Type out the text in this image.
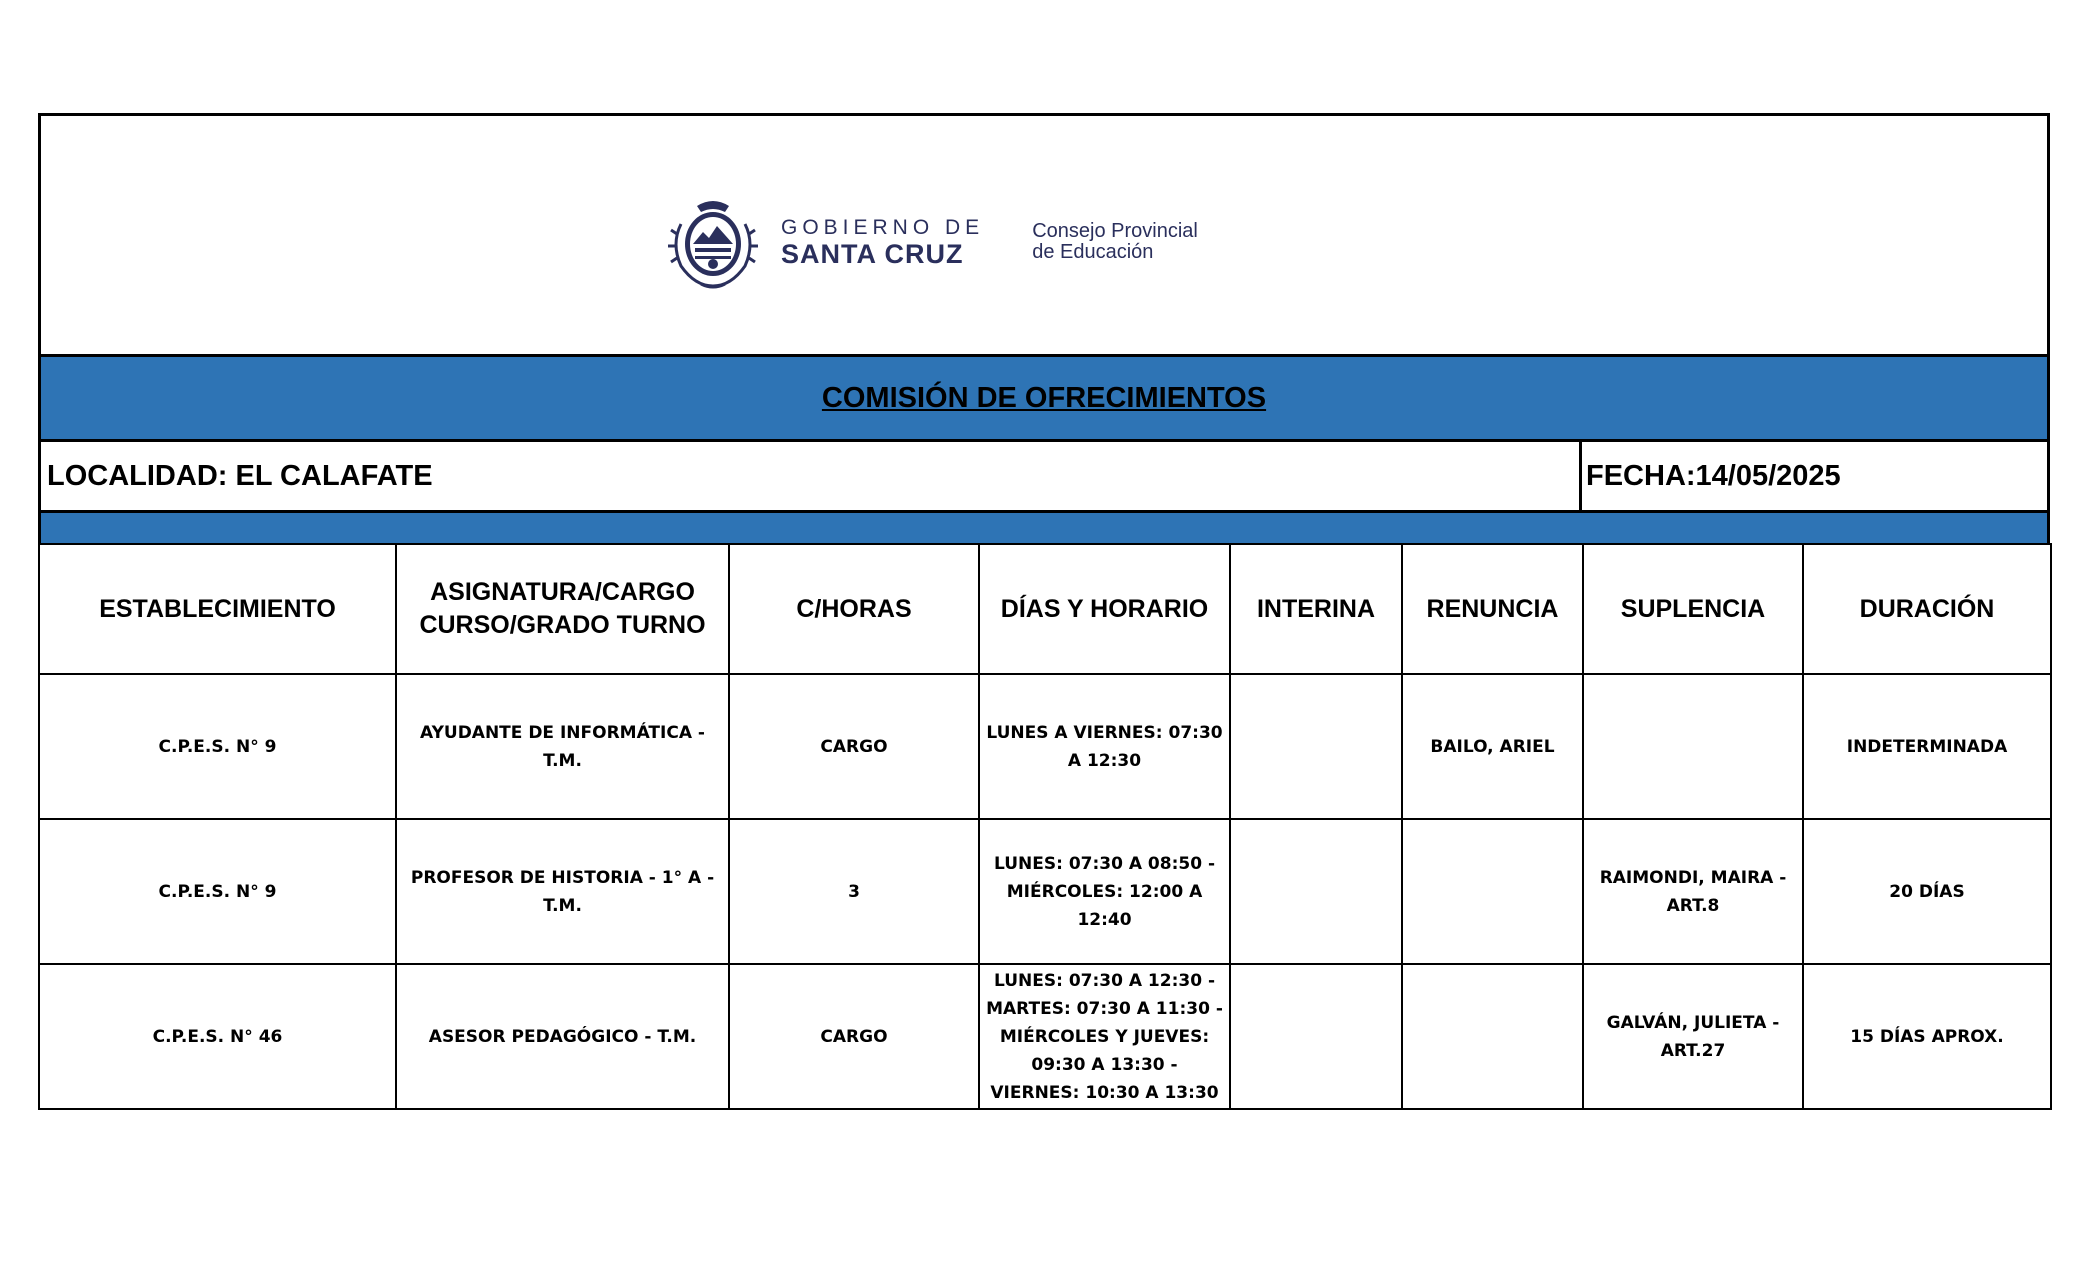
GOBIERNO DE
SANTA CRUZ
Consejo Provincial
de Educación
COMISIÓN DE OFRECIMIENTOS
LOCALIDAD: EL CALAFATE	FECHA:14/05/2025
ESTABLECIMIENTO	ASIGNATURA/CARGO CURSO/GRADO TURNO	C/HORAS	DÍAS Y HORARIO	INTERINA	RENUNCIA	SUPLENCIA	DURACIÓN
C.P.E.S. N° 9	AYUDANTE DE INFORMÁTICA - T.M.	CARGO	LUNES A VIERNES: 07:30 A 12:30		BAILO, ARIEL		INDETERMINADA
C.P.E.S. N° 9	PROFESOR DE HISTORIA - 1° A - T.M.	3	LUNES: 07:30 A 08:50 - MIÉRCOLES: 12:00 A 12:40			RAIMONDI, MAIRA - ART.8	20 DÍAS
C.P.E.S. N° 46	ASESOR PEDAGÓGICO - T.M.	CARGO	LUNES: 07:30 A 12:30 - MARTES: 07:30 A 11:30 - MIÉRCOLES Y JUEVES: 09:30 A 13:30 - VIERNES: 10:30 A 13:30			GALVÁN, JULIETA - ART.27	15 DÍAS APROX.
